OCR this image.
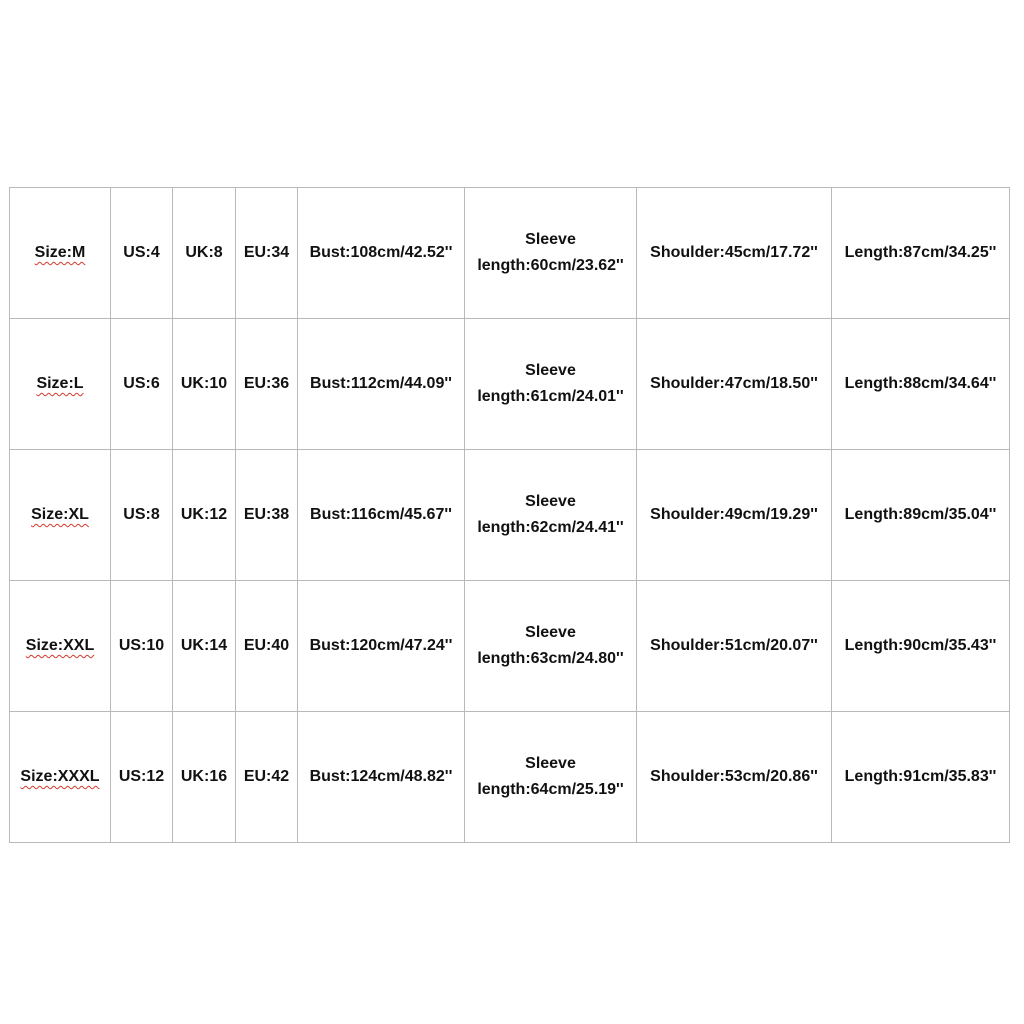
Size:M	US:4	UK:8	EU:34	Bust:108cm/42.52''	Sleeve
length:60cm/23.62''	Shoulder:45cm/17.72''	Length:87cm/34.25''
Size:L	US:6	UK:10	EU:36	Bust:112cm/44.09''	Sleeve
length:61cm/24.01''	Shoulder:47cm/18.50''	Length:88cm/34.64''
Size:XL	US:8	UK:12	EU:38	Bust:116cm/45.67''	Sleeve
length:62cm/24.41''	Shoulder:49cm/19.29''	Length:89cm/35.04''
Size:XXL	US:10	UK:14	EU:40	Bust:120cm/47.24''	Sleeve
length:63cm/24.80''	Shoulder:51cm/20.07''	Length:90cm/35.43''
Size:XXXL	US:12	UK:16	EU:42	Bust:124cm/48.82''	Sleeve
length:64cm/25.19''	Shoulder:53cm/20.86''	Length:91cm/35.83''
